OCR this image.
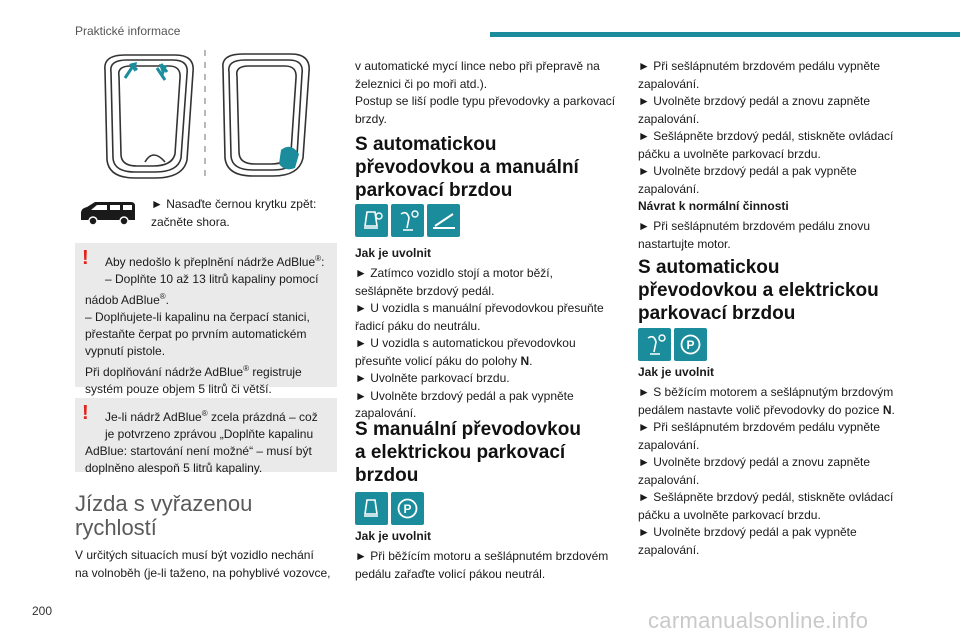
Praktické informace

► Nasaďte černou krytku zpět:
začněte shora.

!	Aby nedošlo k přeplnění nádrže AdBlue®:
– Doplňte 10 až 13 litrů kapaliny pomocí
nádob AdBlue®.
– Doplňujete-li kapalinu na čerpací stanici,
přestaňte čerpat po prvním automatickém
vypnutí pistole.
Při doplňování nádrže AdBlue® registruje
systém pouze objem 5 litrů či větší.
!	Je-li nádrž AdBlue® zcela prázdná – což
je potvrzeno zprávou „Doplňte kapalinu
AdBlue: startování není možné“ – musí být
doplněno alespoň 5 litrů kapaliny.
Jízda s vyřazenou
rychlostí

V určitých situacích musí být vozidlo nechání

na volnoběh (je-li taženo, na pohyblivé vozovce,

v automatické mycí lince nebo při přepravě na

železnici či po moři atd.).

Postup se liší podle typu převodovky a parkovací

brzdy.

S automatickou
převodovkou a manuální
parkovací brzdou
Jak je uvolnit

► Zatímco vozidlo stojí a motor běží,

sešlápněte brzdový pedál.

► U vozidla s manuální převodovkou přesuňte

řadicí páku do neutrálu.

► U vozidla s automatickou převodovkou

přesuňte volicí páku do polohy N.

► Uvolněte parkovací brzdu.

► Uvolněte brzdový pedál a pak vypněte

zapalování.

S manuální převodovkou
a elektrickou parkovací
brzdou
P
Jak je uvolnit

► Při běžícím motoru a sešlápnutém brzdovém

pedálu zařaďte volicí pákou neutrál.

► Při sešlápnutém brzdovém pedálu vypněte

zapalování.

► Uvolněte brzdový pedál a znovu zapněte

zapalování.

► Sešlápněte brzdový pedál, stiskněte ovládací

páčku a uvolněte parkovací brzdu.

► Uvolněte brzdový pedál a pak vypněte

zapalování.

Návrat k normální činnosti

► Při sešlápnutém brzdovém pedálu znovu

nastartujte motor.

S automatickou
převodovkou a elektrickou
parkovací brzdou
P
Jak je uvolnit

► S běžícím motorem a sešlápnutým brzdovým

pedálem nastavte volič převodovky do pozice N.

► Při sešlápnutém brzdovém pedálu vypněte

zapalování.

► Uvolněte brzdový pedál a znovu zapněte

zapalování.

► Sešlápněte brzdový pedál, stiskněte ovládací

páčku a uvolněte parkovací brzdu.

► Uvolněte brzdový pedál a pak vypněte

zapalování.

200	carmanualsonline.info
